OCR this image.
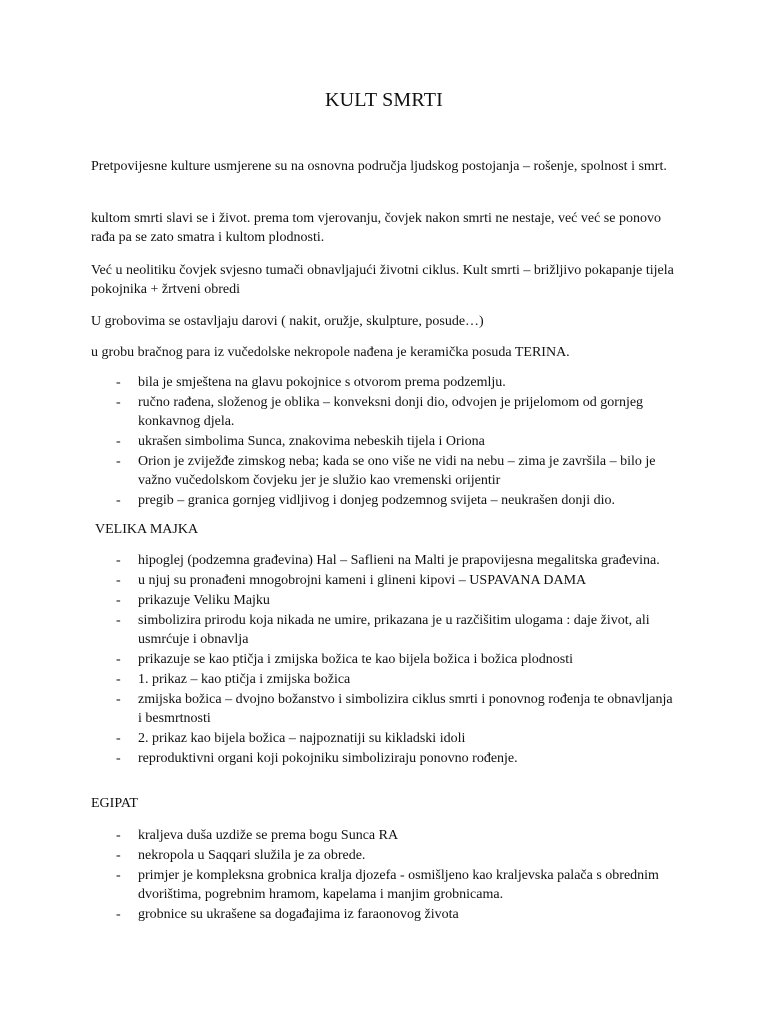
KULT SMRTI

Pretpovijesne kulture usmjerene su na osnovna područja ljudskog postojanja – rošenje, spolnost i smrt.

kultom smrti slavi se i život. prema tom vjerovanju, čovjek nakon smrti ne nestaje, već već se ponovo rađa pa se zato smatra i kultom plodnosti.

Već u neolitiku čovjek svjesno tumači obnavljajući životni ciklus. Kult smrti – brižljivo pokapanje tijela pokojnika + žrtveni obredi

U grobovima se ostavljaju darovi ( nakit, oružje, skulpture, posude…)

u grobu bračnog para iz vučedolske nekropole nađena je keramička posuda TERINA.

- bila je smještena na glavu pokojnice s otvorom prema podzemlju.
- ručno rađena, složenog je oblika – konveksni donji dio, odvojen je prijelomom od gornjeg konkavnog djela.
- ukrašen simbolima Sunca, znakovima nebeskih tijela i Oriona
- Orion je zviježđe zimskog neba; kada se ono više ne vidi na nebu – zima je završila – bilo je važno vučedolskom čovjeku jer je služio kao vremenski orijentir
- pregib – granica gornjeg vidljivog i donjeg podzemnog svijeta – neukrašen donji dio.

VELIKA MAJKA

- hipoglej (podzemna građevina) Hal – Saflieni na Malti je prapovijesna megalitska građevina.
- u njuj su pronađeni mnogobrojni kameni i glineni kipovi – USPAVANA DAMA
- prikazuje Veliku Majku
- simbolizira prirodu koja nikada ne umire, prikazana je u razčišitim ulogama : daje život, ali usmrćuje i obnavlja
- prikazuje se kao ptičja i zmijska božica te kao bijela božica i božica plodnosti
- 1. prikaz – kao ptičja i zmijska božica
- zmijska božica – dvojno božanstvo i simbolizira ciklus smrti i ponovnog rođenja te obnavljanja i besmrtnosti
- 2. prikaz kao bijela božica – najpoznatiji su kikladski idoli
- reproduktivni organi koji pokojniku simboliziraju ponovno rođenje.

EGIPAT

- kraljeva duša uzdiže se prema bogu Sunca RA
- nekropola u Saqqari služila je za obrede.
- primjer je kompleksna grobnica kralja djozefa - osmišljeno kao kraljevska palača s obrednim dvorištima, pogrebnim hramom, kapelama i manjim grobnicama.
- grobnice su ukrašene sa događajima iz faraonovog života
